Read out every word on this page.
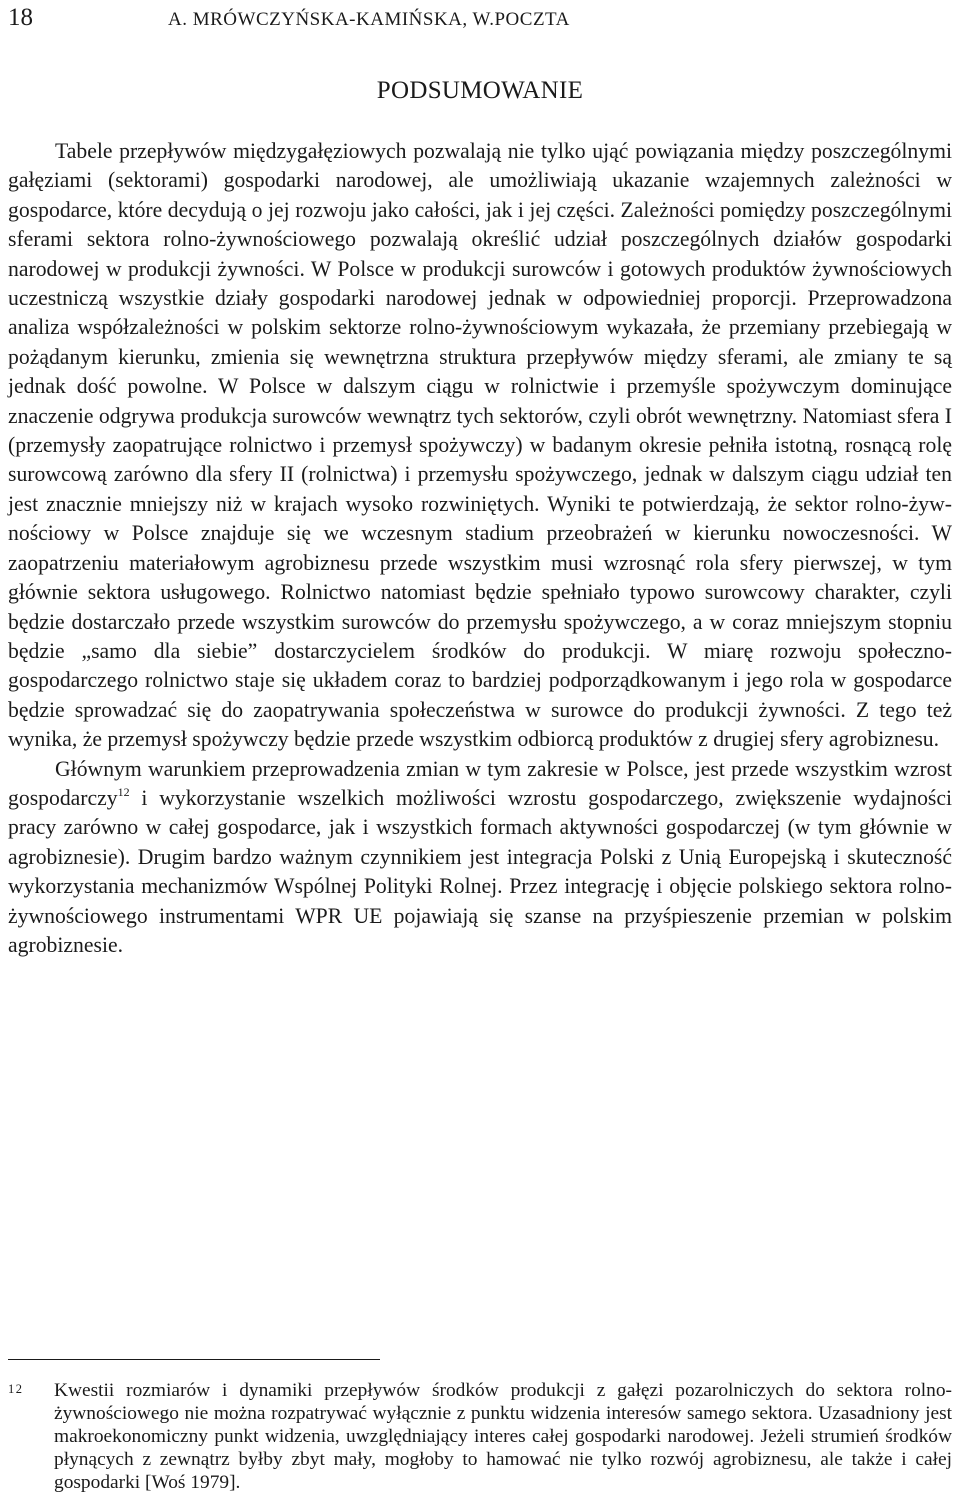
18	A. MRÓWCZYŃSKA-KAMIŃSKA, W.POCZTA
PODSUMOWANIE

Tabele przepływów międzygałęziowych pozwalają nie tylko ująć powiązania między poszczególnymi gałęziami (sektorami) gospodarki narodowej, ale umożliwiają ukazanie wzajemnych zależności w gospodarce, które decydują o jej rozwoju jako całości, jak i jej części. Zależności pomiędzy poszczególnymi sferami sektora rolno-żywnościowego pozwalają określić udział poszczególnych działów gospodarki narodowej w produkcji żywności. W Polsce w produkcji surowców i gotowych produktów żywnościowych uczestniczą wszystkie działy gospodarki narodowej jednak w odpowiedniej proporcji. Przeprowadzona analiza współzależności w polskim sektorze rolno-żywnościowym wykazała, że przemiany przebiegają w pożądanym kierunku, zmienia się wewnętrzna struktura przepływów między sferami, ale zmiany te są jednak dość powolne. W Polsce w dalszym ciągu w rolnictwie i przemyśle spożywczym dominujące znaczenie odgrywa produkcja surowców wewnątrz tych sektorów, czyli obrót wewnętrzny. Natomiast sfera I (przemysły zaopatrujące rolnictwo i przemysł spożywczy) w badanym okresie pełniła istotną, rosnącą rolę surowcową zarówno dla sfery II (rolnictwa) i przemysłu spożywczego, jednak w dalszym ciągu udział ten jest znacznie mniejszy niż w krajach wysoko rozwiniętych. Wyniki te potwierdzają, że sektor rolno-żywnościowy w Polsce znajduje się we wczesnym stadium przeobrażeń w kierunku nowoczesności. W zaopatrzeniu materiałowym agrobiznesu przede wszystkim musi wzrosnąć rola sfery pierwszej, w tym głównie sektora usługowego. Rolnictwo natomiast będzie spełniało typowo surowcowy charakter, czyli będzie dostarczało przede wszystkim surowców do przemysłu spożywczego, a w coraz mniejszym stopniu będzie „samo dla siebie” dostarczycielem środków do produkcji. W miarę rozwoju społeczno-gospodarczego rolnictwo staje się układem coraz to bardziej podporządkowanym i jego rola w gospodarce będzie sprowadzać się do zaopatrywania społeczeństwa w surowce do produkcji żywności. Z tego też wynika, że przemysł spożywczy będzie przede wszystkim odbiorcą produktów z drugiej sfery agrobiznesu.

Głównym warunkiem przeprowadzenia zmian w tym zakresie w Polsce, jest przede wszystkim wzrost gospodarczy$^{12}$ i wykorzystanie wszelkich możliwości wzrostu gospodarczego, zwiększenie wydajności pracy zarówno w całej gospodarce, jak i wszystkich formach aktywności gospodarczej (w tym głównie w agrobiznesie). Drugim bardzo ważnym czynnikiem jest integracja Polski z Unią Europejską i skuteczność wykorzystania mechanizmów Wspólnej Polityki Rolnej. Przez integrację i objęcie polskiego sektora rolno-żywnościowego instrumentami WPR UE pojawiają się szanse na przyśpieszenie przemian w polskim agrobiznesie.

12 Kwestii rozmiarów i dynamiki przepływów środków produkcji z gałęzi pozarolniczych do sektora rolno-żywnościowego nie można rozpatrywać wyłącznie z punktu widzenia interesów samego sektora. Uzasadniony jest makroekonomiczny punkt widzenia, uwzględniający interes całej gospodarki narodowej. Jeżeli strumień środków płynących z zewnątrz byłby zbyt mały, mogłoby to hamować nie tylko rozwój agrobiznesu, ale także i całej gospodarki [Woś 1979].
